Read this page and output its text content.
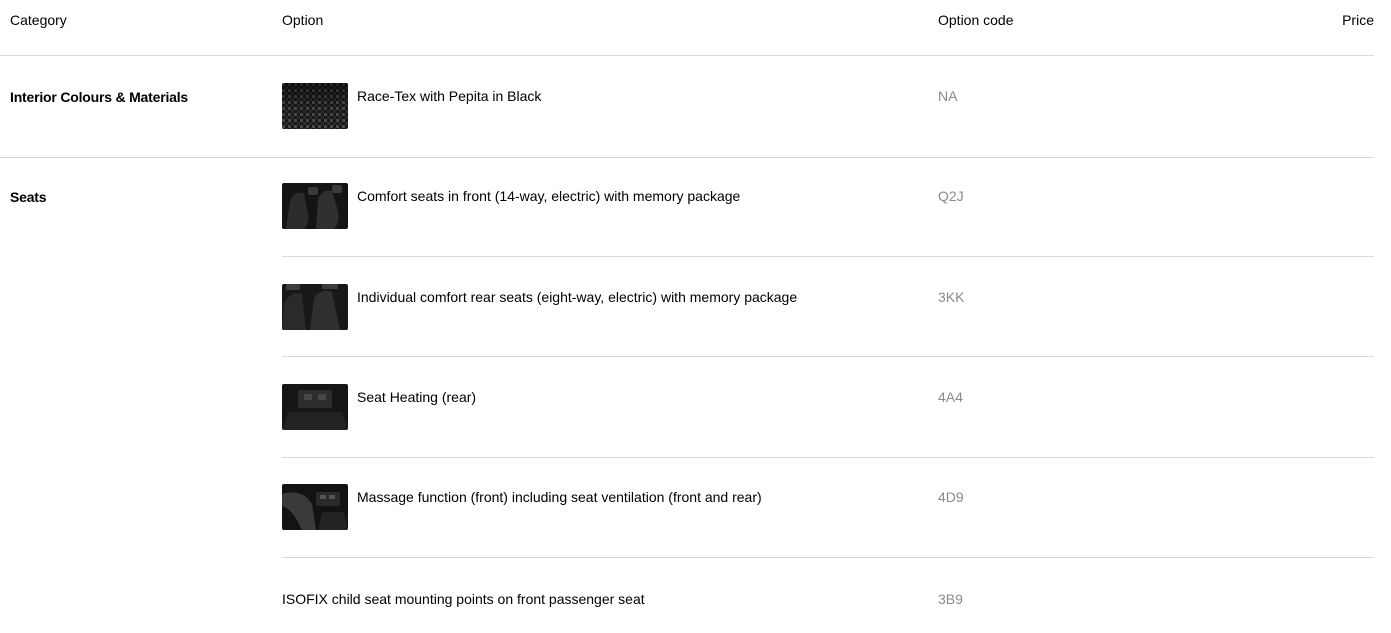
Category	Option	Option code	Price
Interior Colours & Materials	Race-Tex with Pepita in Black	NA
Seats	Comfort seats in front (14-way, electric) with memory package	Q2J
Individual comfort rear seats (eight-way, electric) with memory package	3KK
Seat Heating (rear)	4A4
Massage function (front) including seat ventilation (front and rear)	4D9
ISOFIX child seat mounting points on front passenger seat	3B9
